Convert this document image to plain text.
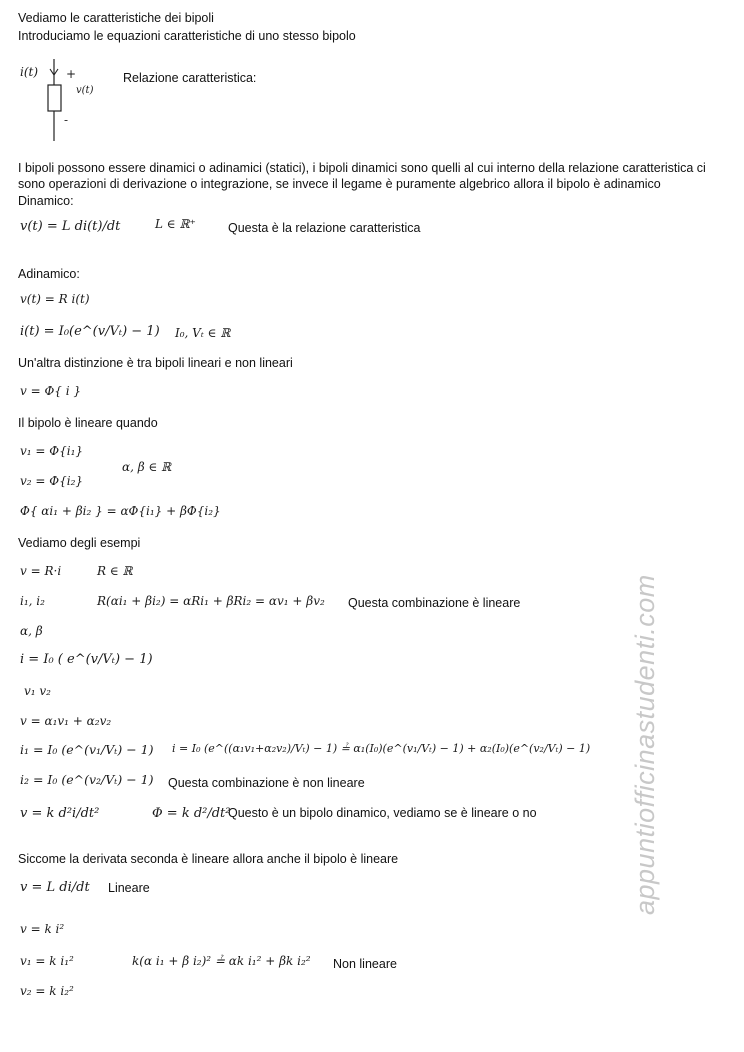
Vediamo le caratteristiche dei bipoli
Introduciamo le equazioni caratteristiche di uno stesso bipolo
i(t) +
v(t)
-
Relazione caratteristica:
I bipoli possono essere dinamici o adinamici (statici), i bipoli dinamici sono quelli al cui interno della relazione caratteristica ci sono operazioni di derivazione o integrazione, se invece il legame è puramente algebrico allora il bipolo è adinamico
Dinamico:
v(t) = L di(t)/dt	L ∈ ℝ⁺	Questa è la relazione caratteristica
Adinamico:
v(t) = R i(t)
i(t) = I₀(e^(v/Vₜ) − 1) I₀, Vₜ ∈ ℝ
Un'altra distinzione è tra bipoli lineari e non lineari
v = Φ{ i }
Il bipolo è lineare quando
v₁ = Φ{i₁}
α, β ∈ ℝ
v₂ = Φ{i₂}
Φ{ αi₁ + βi₂ } = αΦ{i₁} + βΦ{i₂}
Vediamo degli esempi
v = R·i	R ∈ ℝ
i₁, i₂	R(αi₁ + βi₂) = αRi₁ + βRi₂ = αv₁ + βv₂ Questa combinazione è lineare
α, β
i = I₀ ( e^(v/Vₜ) − 1)
v₁ v₂
v = α₁v₁ + α₂v₂
i₁ = I₀ (e^(v₁/Vₜ) − 1) i = I₀ (e^((α₁v₁+α₂v₂)/Vₜ) − 1) ≟ α₁(I₀)(e^(v₁/Vₜ) − 1) + α₂(I₀)(e^(v₂/Vₜ) − 1)
i₂ = I₀ (e^(v₂/Vₜ) − 1) Questa combinazione è non lineare
v = k d²i/dt²	Φ = k d²/dt²
Questo è un bipolo dinamico, vediamo se è lineare o no
Siccome la derivata seconda è lineare allora anche il bipolo è lineare
v = L di/dt Lineare
v = k i²
v₁ = k i₁²	k(α i₁ + β i₂)² ≟ αk i₁² + βk i₂² Non lineare
v₂ = k i₂²
appuntiofficinastudenti.com
